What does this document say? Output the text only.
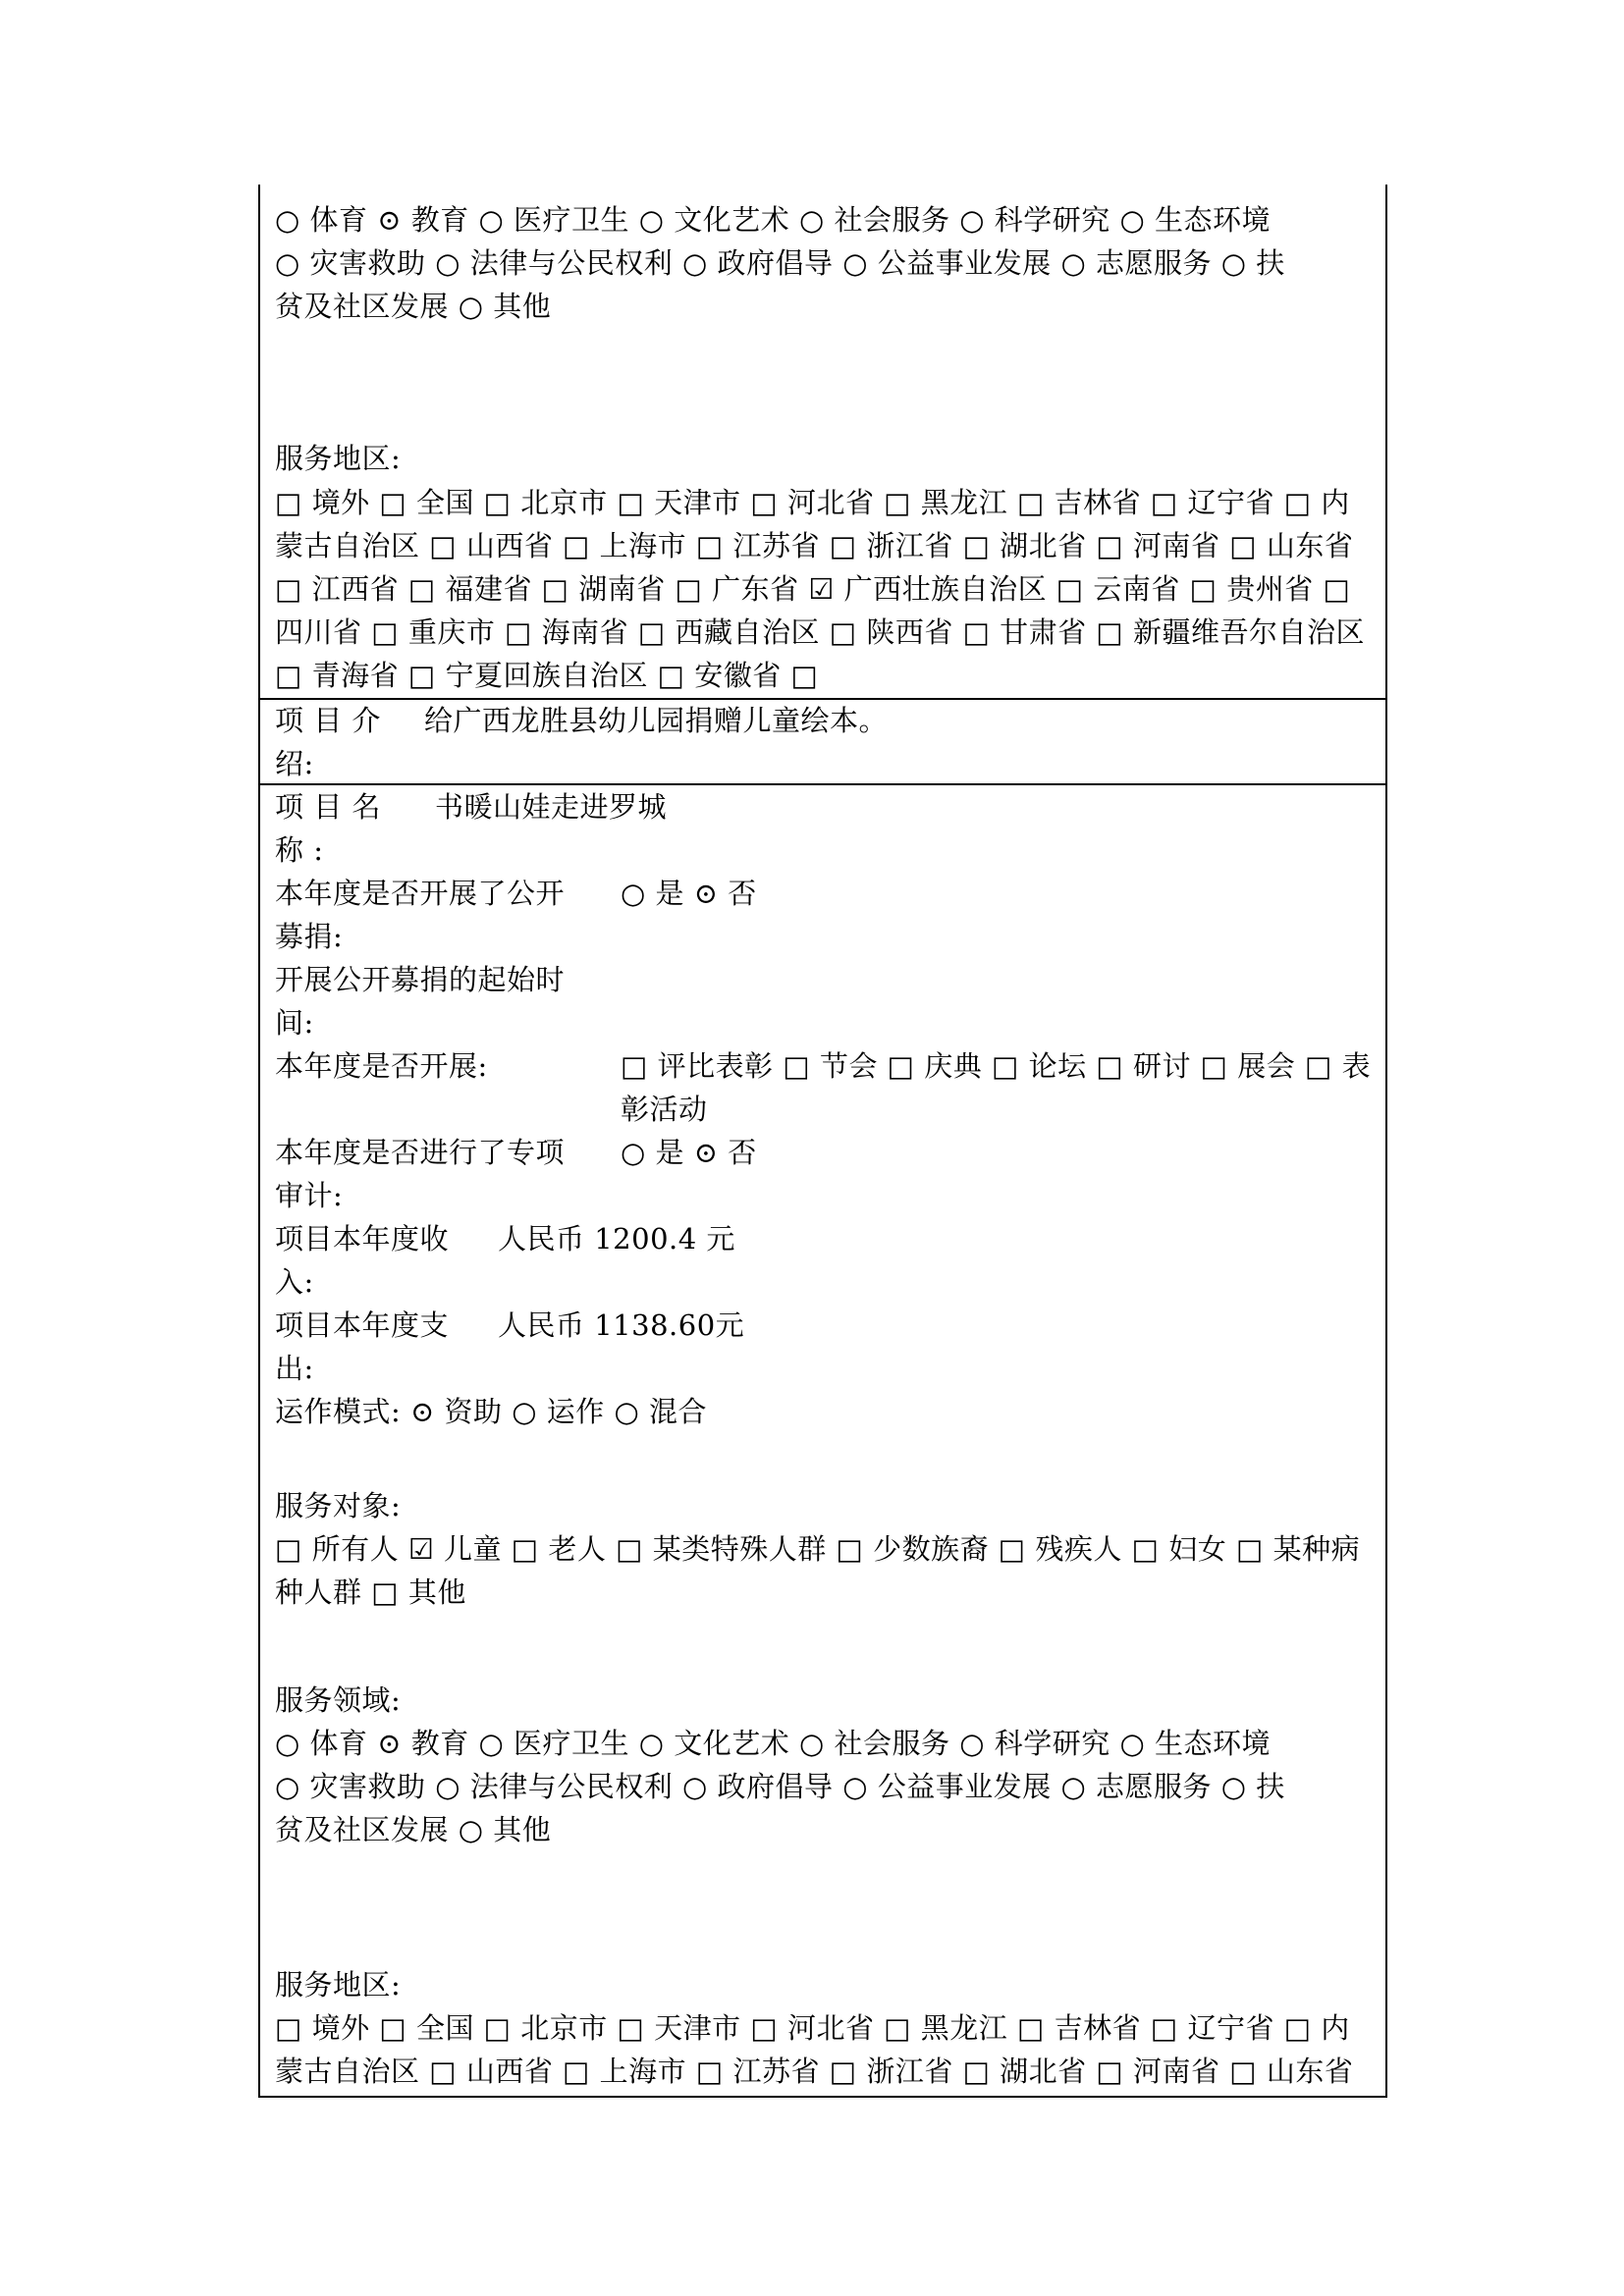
○ 体育 ⊙ 教育 ○ 医疗卫生 ○ 文化艺术 ○ 社会服务 ○ 科学研究 ○ 生态环境
○ 灾害救助 ○ 法律与公民权利 ○ 政府倡导 ○ 公益事业发展 ○ 志愿服务 ○ 扶
贫及社区发展 ○ 其他
服务地区:
□ 境外 □ 全国 □ 北京市 □ 天津市 □ 河北省 □ 黑龙江 □ 吉林省 □ 辽宁省 □ 内
蒙古自治区 □ 山西省 □ 上海市 □ 江苏省 □ 浙江省 □ 湖北省 □ 河南省 □ 山东省
□ 江西省 □ 福建省 □ 湖南省 □ 广东省 ☑ 广西壮族自治区 □ 云南省 □ 贵州省 □
四川省 □ 重庆市 □ 海南省 □ 西藏自治区 □ 陕西省 □ 甘肃省 □ 新疆维吾尔自治区
□ 青海省 □ 宁夏回族自治区 □ 安徽省 □
项 目 介
绍:
给广西龙胜县幼儿园捐赠儿童绘本。
项 目 名
称 :
书暖山娃走进罗城
本年度是否开展了公开
募捐:
○ 是 ⊙ 否
开展公开募捐的起始时
间:
本年度是否开展:	□ 评比表彰 □ 节会 □ 庆典 □ 论坛 □ 研讨 □ 展会 □ 表
彰活动
本年度是否进行了专项
审计:
○ 是 ⊙ 否
项目本年度收
入:
人民币 1200.4 元
项目本年度支
出:
人民币 1138.60元
运作模式: ⊙ 资助 ○ 运作 ○ 混合
服务对象:
□ 所有人 ☑ 儿童 □ 老人 □ 某类特殊人群 □ 少数族裔 □ 残疾人 □ 妇女 □ 某种病
种人群 □ 其他
服务领域:
○ 体育 ⊙ 教育 ○ 医疗卫生 ○ 文化艺术 ○ 社会服务 ○ 科学研究 ○ 生态环境
○ 灾害救助 ○ 法律与公民权利 ○ 政府倡导 ○ 公益事业发展 ○ 志愿服务 ○ 扶
贫及社区发展 ○ 其他
服务地区:
□ 境外 □ 全国 □ 北京市 □ 天津市 □ 河北省 □ 黑龙江 □ 吉林省 □ 辽宁省 □ 内
蒙古自治区 □ 山西省 □ 上海市 □ 江苏省 □ 浙江省 □ 湖北省 □ 河南省 □ 山东省
